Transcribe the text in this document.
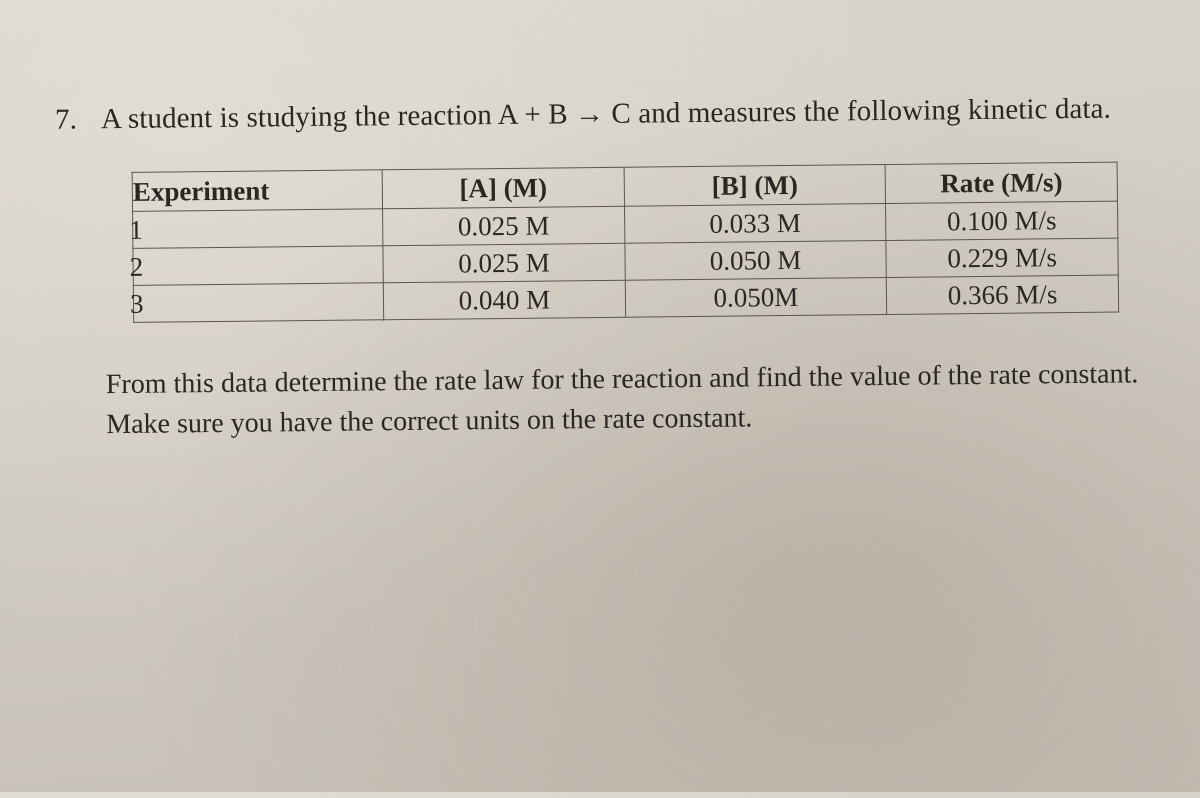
7. A student is studying the reaction A + B → C and measures the following kinetic data.
Experiment	[A] (M)	[B] (M)	Rate (M/s)
1	0.025 M	0.033 M	0.100 M/s
2	0.025 M	0.050 M	0.229 M/s
3	0.040 M	0.050M	0.366 M/s
From this data determine the rate law for the reaction and find the value of the rate constant. Make sure you have the correct units on the rate constant.
